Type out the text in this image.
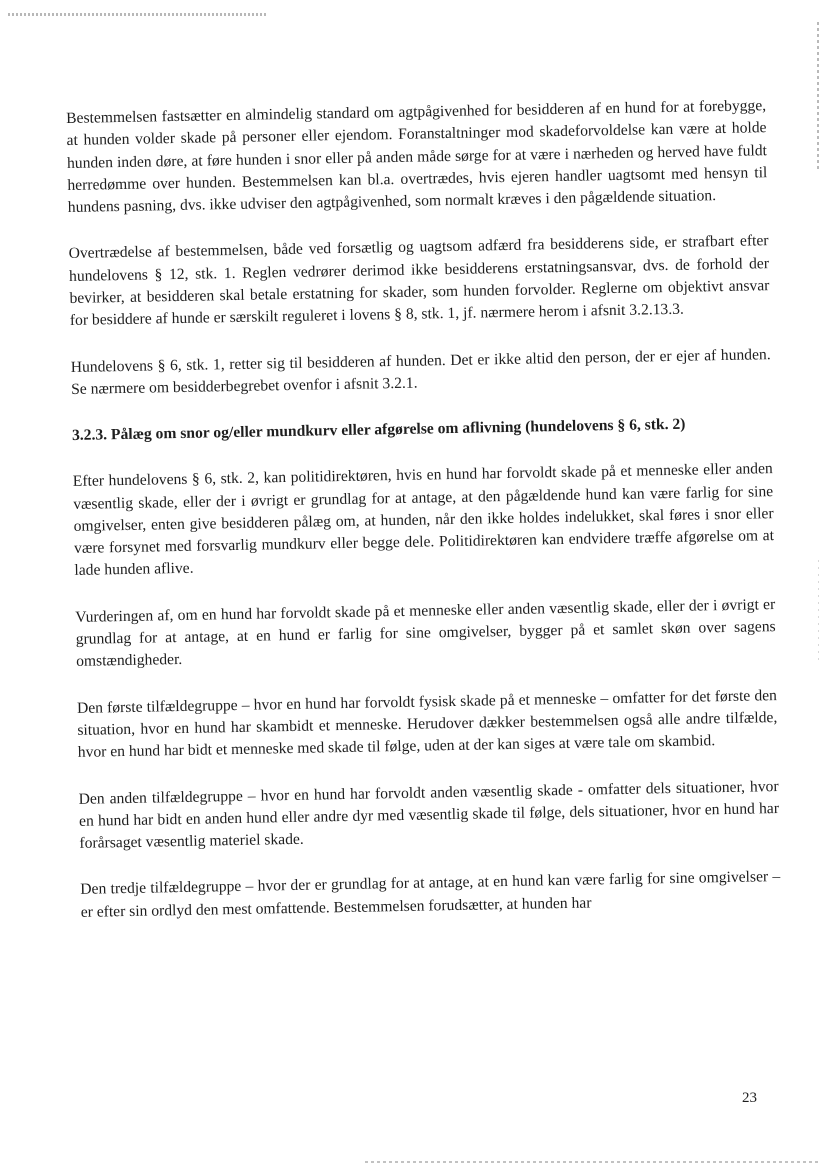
Bestemmelsen fastsætter en almindelig standard om agtpågivenhed for besidderen af en hund for at forebygge, at hunden volder skade på personer eller ejendom. Foranstaltninger mod skadeforvoldelse kan være at holde hunden inden døre, at føre hunden i snor eller på anden måde sørge for at være i nærheden og herved have fuldt herredømme over hunden. Bestemmelsen kan bl.a. overtrædes, hvis ejeren handler uagtsomt med hensyn til hundens pasning, dvs. ikke udviser den agtpågivenhed, som normalt kræves i den pågældende situation.

Overtrædelse af bestemmelsen, både ved forsætlig og uagtsom adfærd fra besidderens side, er strafbart efter hundelovens § 12, stk. 1. Reglen vedrører derimod ikke besidderens erstatningsansvar, dvs. de forhold der bevirker, at besidderen skal betale erstatning for skader, som hunden forvolder. Reglerne om objektivt ansvar for besiddere af hunde er særskilt reguleret i lovens § 8, stk. 1, jf. nærmere herom i afsnit 3.2.13.3.

Hundelovens § 6, stk. 1, retter sig til besidderen af hunden. Det er ikke altid den person, der er ejer af hunden. Se nærmere om besidderbegrebet ovenfor i afsnit 3.2.1.

3.2.3. Pålæg om snor og/eller mundkurv eller afgørelse om aflivning (hundelovens § 6, stk. 2)

Efter hundelovens § 6, stk. 2, kan politidirektøren, hvis en hund har forvoldt skade på et menneske eller anden væsentlig skade, eller der i øvrigt er grundlag for at antage, at den pågældende hund kan være farlig for sine omgivelser, enten give besidderen pålæg om, at hunden, når den ikke holdes indelukket, skal føres i snor eller være forsynet med forsvarlig mundkurv eller begge dele. Politidirektøren kan endvidere træffe afgørelse om at lade hunden aflive.

Vurderingen af, om en hund har forvoldt skade på et menneske eller anden væsentlig skade, eller der i øvrigt er grundlag for at antage, at en hund er farlig for sine omgivelser, bygger på et samlet skøn over sagens omstændigheder.

Den første tilfældegruppe – hvor en hund har forvoldt fysisk skade på et menneske – omfatter for det første den situation, hvor en hund har skambidt et menneske. Herudover dækker bestemmelsen også alle andre tilfælde, hvor en hund har bidt et menneske med skade til følge, uden at der kan siges at være tale om skambid.

Den anden tilfældegruppe – hvor en hund har forvoldt anden væsentlig skade - omfatter dels situationer, hvor en hund har bidt en anden hund eller andre dyr med væsentlig skade til følge, dels situationer, hvor en hund har forårsaget væsentlig materiel skade.

Den tredje tilfældegruppe – hvor der er grundlag for at antage, at en hund kan være farlig for sine omgivelser – er efter sin ordlyd den mest omfattende. Bestemmelsen forudsætter, at hunden har

23
